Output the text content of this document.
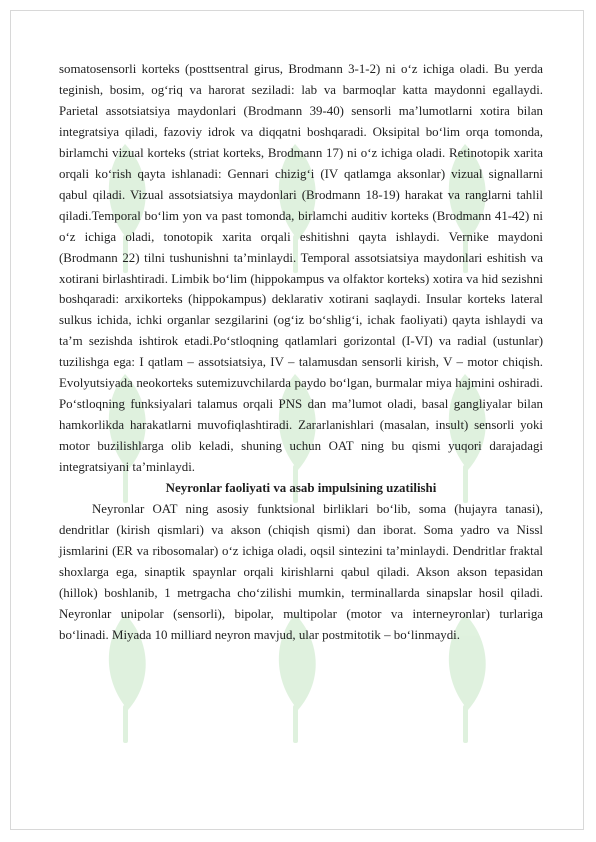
somatosensorli korteks (posttsentral girus, Brodmann 3-1-2) ni o‘z ichiga oladi. Bu yerda teginish, bosim, og‘riq va harorat seziladi: lab va barmoqlar katta maydonni egallaydi. Parietal assotsiatsiya maydonlari (Brodmann 39-40) sensorli ma’lumotlarni xotira bilan integratsiya qiladi, fazoviy idrok va diqqatni boshqaradi. Oksipital bo‘lim orqa tomonda, birlamchi vizual korteks (striat korteks, Brodmann 17) ni o‘z ichiga oladi. Retinotopik xarita orqali ko‘rish qayta ishlanadi: Gennari chizig‘i (IV qatlamga aksonlar) vizual signallarni qabul qiladi. Vizual assotsiatsiya maydonlari (Brodmann 18-19) harakat va ranglarni tahlil qiladi.Temporal bo‘lim yon va past tomonda, birlamchi auditiv korteks (Brodmann 41-42) ni o‘z ichiga oladi, tonotopik xarita orqali eshitishni qayta ishlaydi. Vernike maydoni (Brodmann 22) tilni tushunishni ta’minlaydi. Temporal assotsiatsiya maydonlari eshitish va xotirani birlashtiradi. Limbik bo‘lim (hippokampus va olfaktor korteks) xotira va hid sezishni boshqaradi: arxikorteks (hippokampus) deklarativ xotirani saqlaydi. Insular korteks lateral sulkus ichida, ichki organlar sezgilarini (og‘iz bo‘shlig‘i, ichak faoliyati) qayta ishlaydi va ta’m sezishda ishtirok etadi.Po‘stloqning qatlamlari gorizontal (I-VI) va radial (ustunlar) tuzilishga ega: I qatlam – assotsiatsiya, IV – talamusdan sensorli kirish, V – motor chiqish. Evolyutsiyada neokorteks sutemizuvchilarda paydo bo‘lgan, burmalar miya hajmini oshiradi. Po‘stloqning funksiyalari talamus orqali PNS dan ma’lumot oladi, basal gangliyalar bilan hamkorlikda harakatlarni muvofiqlashtiradi. Zararlanishlari (masalan, insult) sensorli yoki motor buzilishlarga olib keladi, shuning uchun OAT ning bu qismi yuqori darajadagi integratsiyani ta’minlaydi.

Neyronlar faoliyati va asab impulsining uzatilishi

Neyronlar OAT ning asosiy funktsional birliklari bo‘lib, soma (hujayra tanasi), dendritlar (kirish qismlari) va akson (chiqish qismi) dan iborat. Soma yadro va Nissl jismlarini (ER va ribosomalar) o‘z ichiga oladi, oqsil sintezini ta’minlaydi. Dendritlar fraktal shoxlarga ega, sinaptik spaynlar orqali kirishlarni qabul qiladi. Akson akson tepasidan (hillok) boshlanib, 1 metrgacha cho‘zilishi mumkin, terminallarda sinapslar hosil qiladi. Neyronlar unipolar (sensorli), bipolar, multipolar (motor va interneyronlar) turlariga bo‘linadi. Miyada 10 milliard neyron mavjud, ular postmitotik – bo‘linmaydi.
